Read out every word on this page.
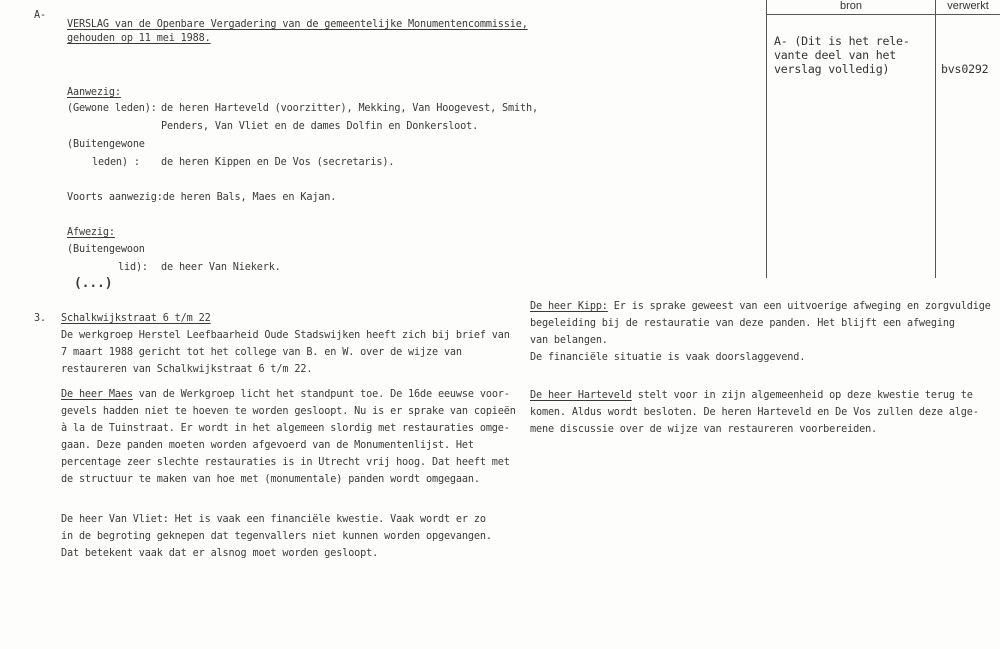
A-
VERSLAG van de Openbare Vergadering van de gemeentelijke Monumentencommissie,
gehouden op 11 mei 1988.
Aanwezig:
(Gewone leden): de heren Harteveld (voorzitter), Mekking, Van Hoogevest, Smith,
Penders, Van Vliet en de dames Dolfin en Donkersloot.
(Buitengewone
leden) : de heren Kippen en De Vos (secretaris).
Voorts aanwezig:de heren Bals, Maes en Kajan.
Afwezig:
(Buitengewoon
lid): de heer Van Niekerk.
(...)
3. Schalkwijkstraat 6 t/m 22
De werkgroep Herstel Leefbaarheid Oude Stadswijken heeft zich bij brief van
7 maart 1988 gericht tot het college van B. en W. over de wijze van
restaureren van Schalkwijkstraat 6 t/m 22.
De heer Maes van de Werkgroep licht het standpunt toe. De 16de eeuwse voor-
gevels hadden niet te hoeven te worden gesloopt. Nu is er sprake van copieën
à la de Tuinstraat. Er wordt in het algemeen slordig met restauraties omge-
gaan. Deze panden moeten worden afgevoerd van de Monumentenlijst. Het
percentage zeer slechte restauraties is in Utrecht vrij hoog. Dat heeft met
de structuur te maken van hoe met (monumentale) panden wordt omgegaan.
De heer Van Vliet: Het is vaak een financiële kwestie. Vaak wordt er zo
in de begroting geknepen dat tegenvallers niet kunnen worden opgevangen.
Dat betekent vaak dat er alsnog moet worden gesloopt.
De heer Kipp: Er is sprake geweest van een uitvoerige afweging en zorgvuldige
begeleiding bij de restauratie van deze panden. Het blijft een afweging
van belangen.
De financiële situatie is vaak doorslaggevend.
De heer Harteveld stelt voor in zijn algemeenheid op deze kwestie terug te
komen. Aldus wordt besloten. De heren Harteveld en De Vos zullen deze alge-
mene discussie over de wijze van restaureren voorbereiden.
bron	verwerkt
A- (Dit is het rele-
vante deel van het
verslag volledig)	bvs0292
